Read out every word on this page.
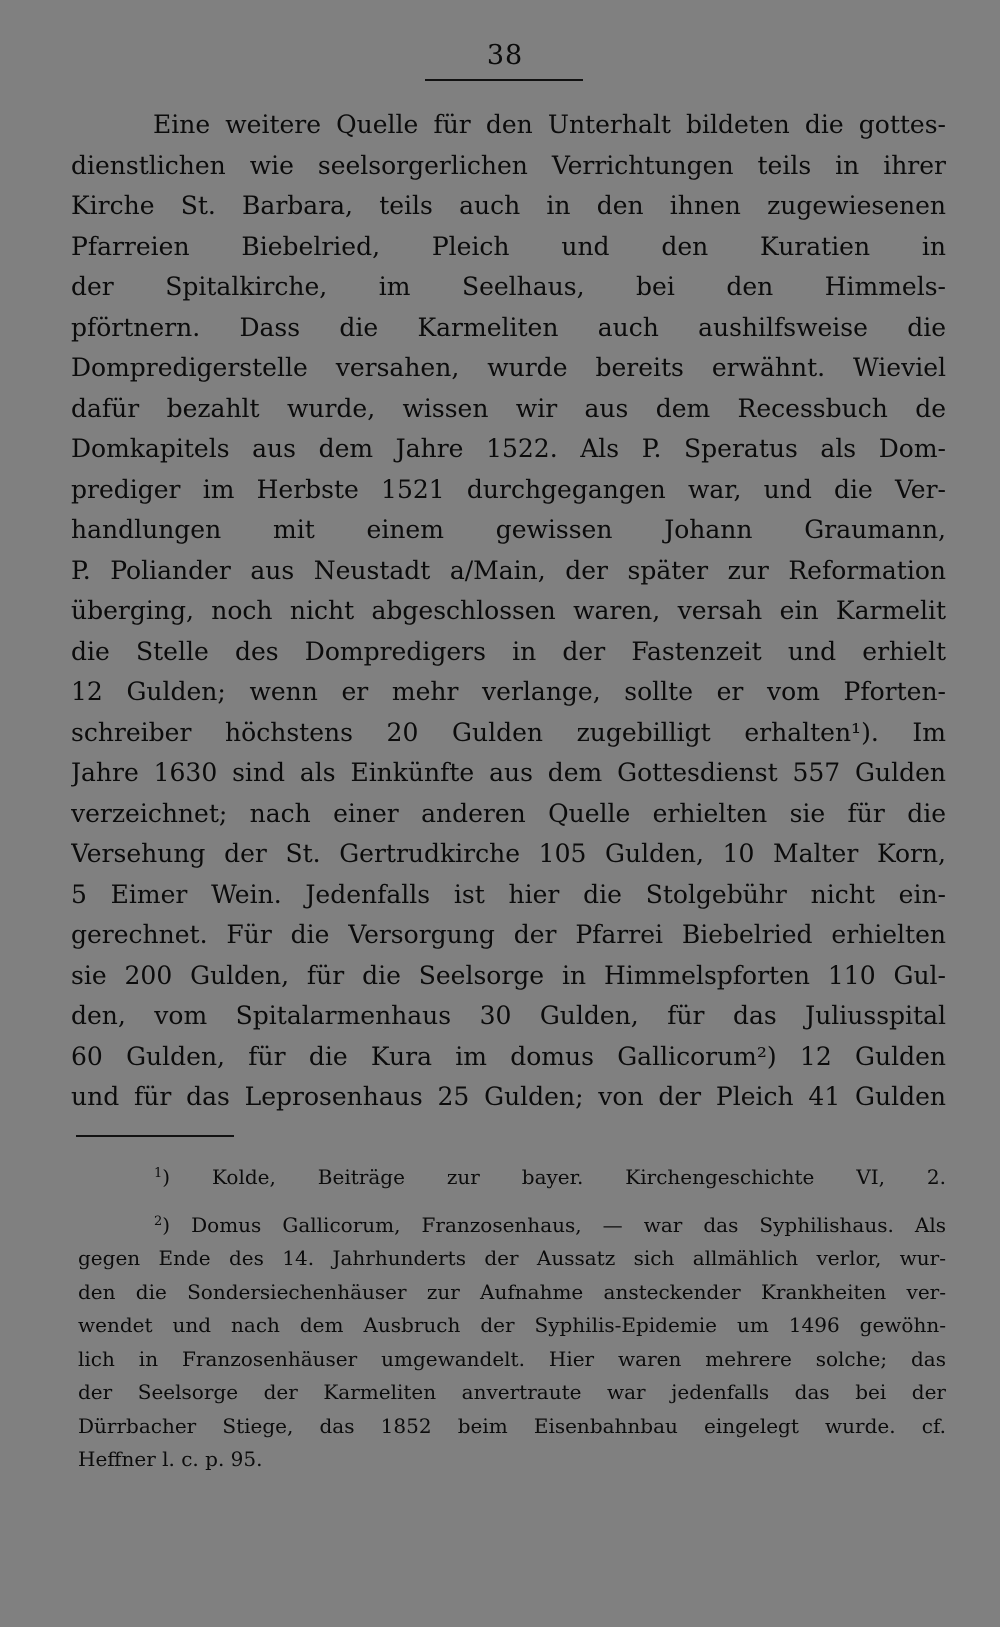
38
Eine weitere Quelle für den Unterhalt bildeten die gottes-
dienstlichen wie seelsorgerlichen Verrichtungen teils in ihrer
Kirche St. Barbara, teils auch in den ihnen zugewiesenen
Pfarreien Biebelried, Pleich und den Kuratien in
der Spitalkirche, im Seelhaus, bei den Himmels-
pförtnern. Dass die Karmeliten auch aushilfsweise die
Dompredigerstelle versahen, wurde bereits erwähnt. Wieviel
dafür bezahlt wurde, wissen wir aus dem Recessbuch de
Domkapitels aus dem Jahre 1522. Als P. Speratus als Dom-
prediger im Herbste 1521 durchgegangen war, und die Ver-
handlungen mit einem gewissen Johann Graumann,
P. Poliander aus Neustadt a/Main, der später zur Reformation
überging, noch nicht abgeschlossen waren, versah ein Karmelit
die Stelle des Dompredigers in der Fastenzeit und erhielt
12 Gulden; wenn er mehr verlange, sollte er vom Pforten-
schreiber höchstens 20 Gulden zugebilligt erhalten¹). Im
Jahre 1630 sind als Einkünfte aus dem Gottesdienst 557 Gulden
verzeichnet; nach einer anderen Quelle erhielten sie für die
Versehung der St. Gertrudkirche 105 Gulden, 10 Malter Korn,
5 Eimer Wein. Jedenfalls ist hier die Stolgebühr nicht ein-
gerechnet. Für die Versorgung der Pfarrei Biebelried erhielten
sie 200 Gulden, für die Seelsorge in Himmelspforten 110 Gul-
den, vom Spitalarmenhaus 30 Gulden, für das Juliusspital
60 Gulden, für die Kura im domus Gallicorum²) 12 Gulden
und für das Leprosenhaus 25 Gulden; von der Pleich 41 Gulden
$^1$) Kolde, Beiträge zur bayer. Kirchengeschichte VI, 2.
$^2$) Domus Gallicorum, Franzosenhaus, — war das Syphilishaus. Als
gegen Ende des 14. Jahrhunderts der Aussatz sich allmählich verlor, wur-
den die Sondersiechenhäuser zur Aufnahme ansteckender Krankheiten ver-
wendet und nach dem Ausbruch der Syphilis-Epidemie um 1496 gewöhn-
lich in Franzosenhäuser umgewandelt. Hier waren mehrere solche; das
der Seelsorge der Karmeliten anvertraute war jedenfalls das bei der
Dürrbacher Stiege, das 1852 beim Eisenbahnbau eingelegt wurde. cf.
Heffner l. c. p. 95.
